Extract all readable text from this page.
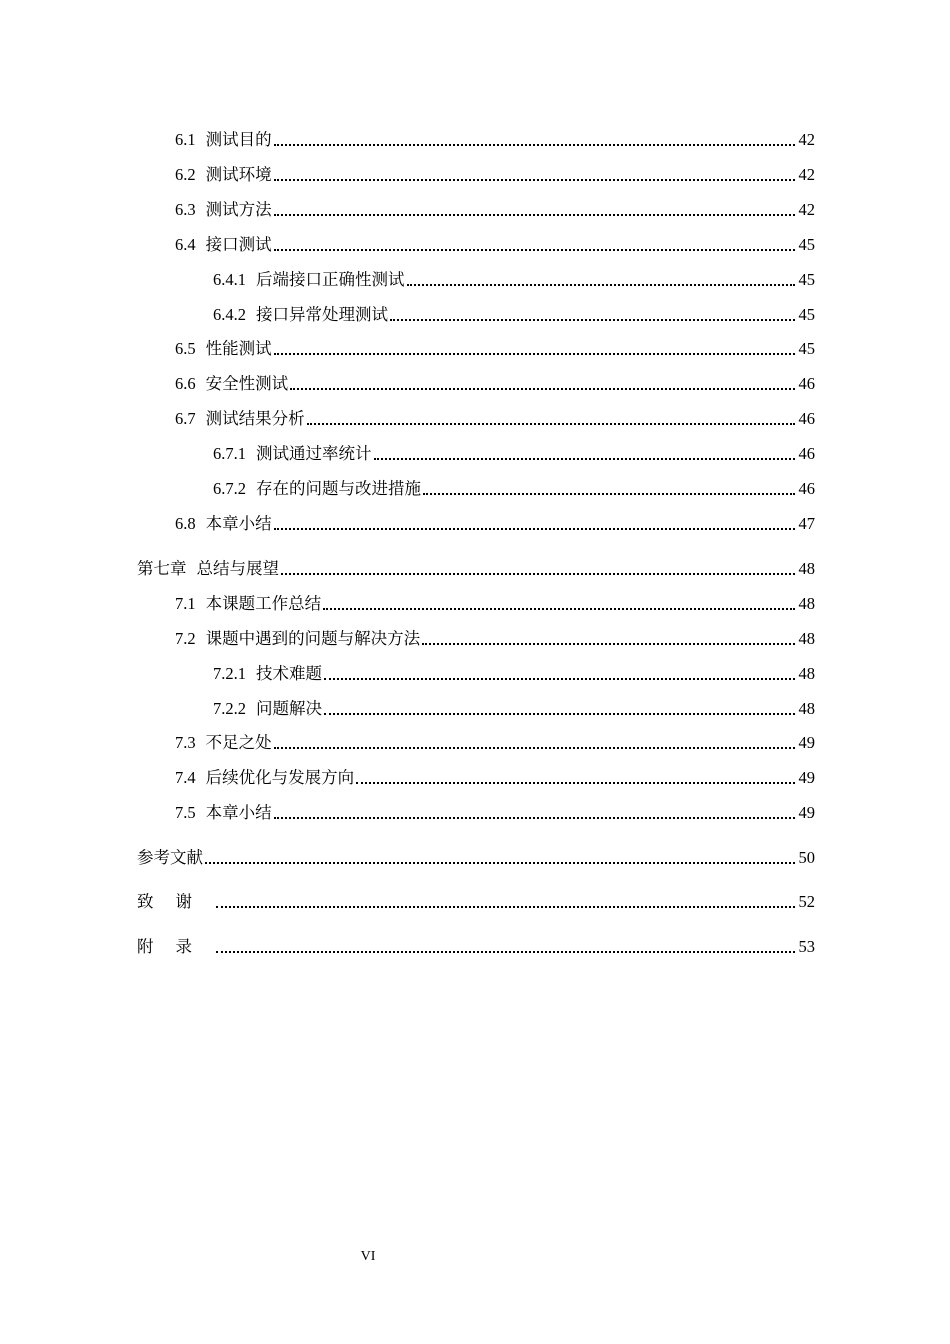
6.1 测试目的	42
6.2 测试环境	42
6.3 测试方法	42
6.4 接口测试	45
6.4.1 后端接口正确性测试	45
6.4.2 接口异常处理测试	45
6.5 性能测试	45
6.6 安全性测试	46
6.7 测试结果分析	46
6.7.1 测试通过率统计	46
6.7.2 存在的问题与改进措施	46
6.8 本章小结	47
第七章 总结与展望	48
7.1 本课题工作总结	48
7.2 课题中遇到的问题与解决方法	48
7.2.1 技术难题	48
7.2.2 问题解决	48
7.3 不足之处	49
7.4 后续优化与发展方向	49
7.5 本章小结	49
参考文献	50
致谢	52
附录	53
VI
